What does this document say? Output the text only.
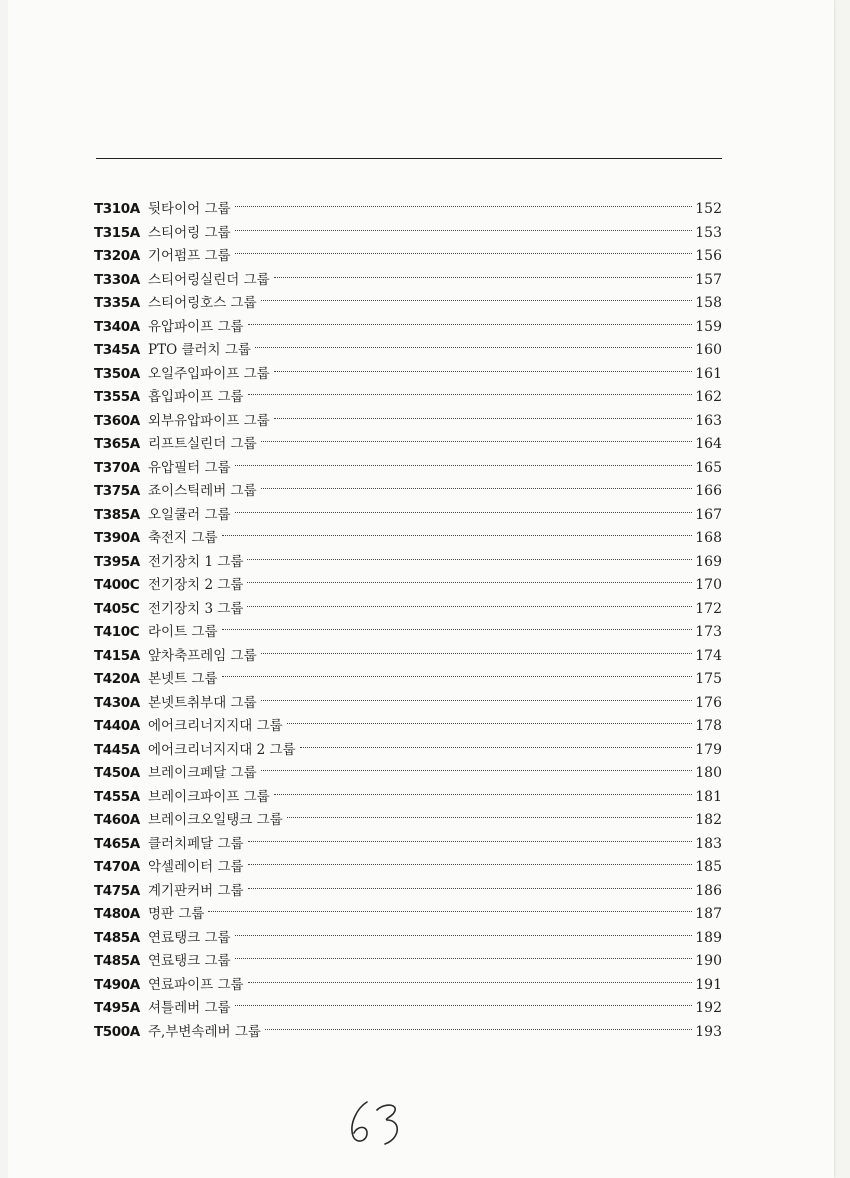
T310A 뒷타이어 그룹	152
T315A 스티어링 그룹	153
T320A 기어펌프 그룹	156
T330A 스티어링실린더 그룹	157
T335A 스티어링호스 그룹	158
T340A 유압파이프 그룹	159
T345A PTO 클러치 그룹	160
T350A 오일주입파이프 그룹	161
T355A 흡입파이프 그룹	162
T360A 외부유압파이프 그룹	163
T365A 리프트실린더 그룹	164
T370A 유압필터 그룹	165
T375A 죠이스틱레버 그룹	166
T385A 오일쿨러 그룹	167
T390A 축전지 그룹	168
T395A 전기장치 1 그룹	169
T400C 전기장치 2 그룹	170
T405C 전기장치 3 그룹	172
T410C 라이트 그룹	173
T415A 앞차축프레임 그룹	174
T420A 본넷트 그룹	175
T430A 본넷트취부대 그룹	176
T440A 에어크리너지지대 그룹	178
T445A 에어크리너지지대 2 그룹	179
T450A 브레이크페달 그룹	180
T455A 브레이크파이프 그룹	181
T460A 브레이크오일탱크 그룹	182
T465A 클러치페달 그룹	183
T470A 악셀레이터 그룹	185
T475A 계기판커버 그룹	186
T480A 명판 그룹	187
T485A 연료탱크 그룹	189
T485A 연료탱크 그룹	190
T490A 연료파이프 그룹	191
T495A 셔틀레버 그룹	192
T500A 주,부변속레버 그룹	193
